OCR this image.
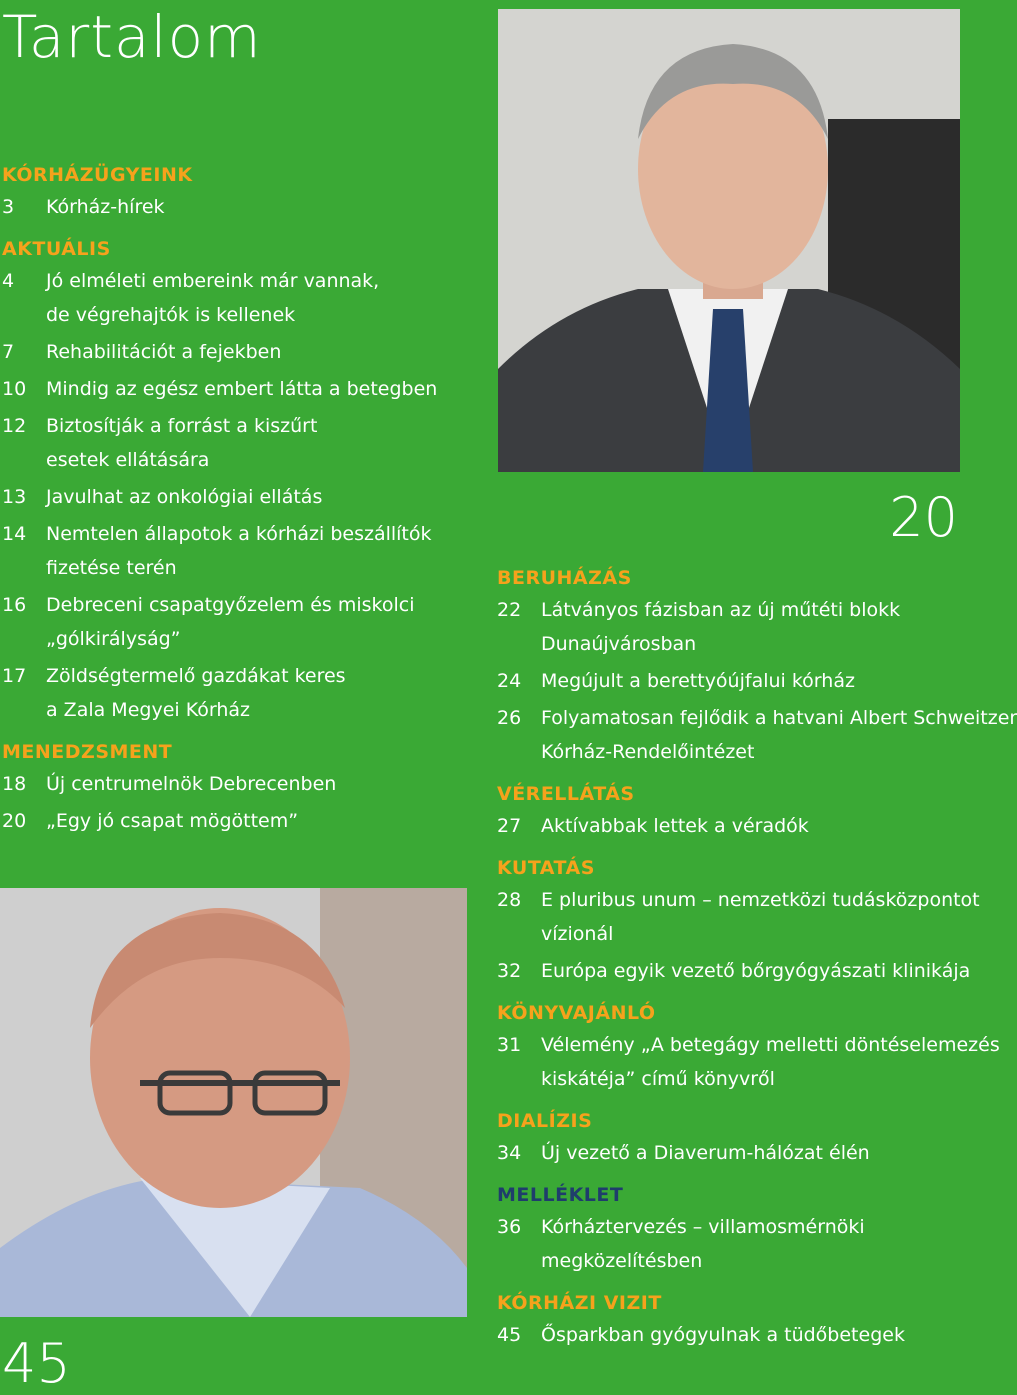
Tartalom
20
45
KÓRHÁZÜGYEINK
3	Kórház-hírek
AKTUÁLIS
4	Jó elméleti embereink már vannak,
de végrehajtók is kellenek
7	Rehabilitációt a fejekben
10	Mindig az egész embert látta a betegben
12	Biztosítják a forrást a kiszűrt
esetek ellátására
13	Javulhat az onkológiai ellátás
14	Nemtelen állapotok a kórházi beszállítók
fizetése terén
16	Debreceni csapatgyőzelem és miskolci
„gólkirályság”
17	Zöldségtermelő gazdákat keres
a Zala Megyei Kórház
MENEDZSMENT
18	Új centrumelnök Debrecenben
20	„Egy jó csapat mögöttem”
BERUHÁZÁS
22	Látványos fázisban az új műtéti blokk
Dunaújvárosban
24	Megújult a berettyóújfalui kórház
26	Folyamatosan fejlődik a hatvani Albert Schweitzer
Kórház-Rendelőintézet
VÉRELLÁTÁS
27	Aktívabbak lettek a véradók
KUTATÁS
28	E pluribus unum – nemzetközi tudásközpontot
vízionál
32	Európa egyik vezető bőrgyógyászati klinikája
KÖNYVAJÁNLÓ
31	Vélemény „A betegágy melletti döntéselemezés
kiskátéja” című könyvről
DIALÍZIS
34	Új vezető a Diaverum-hálózat élén
MELLÉKLET
36	Kórháztervezés – villamosmérnöki
megközelítésben
KÓRHÁZI VIZIT
45	Ősparkban gyógyulnak a tüdőbetegek
